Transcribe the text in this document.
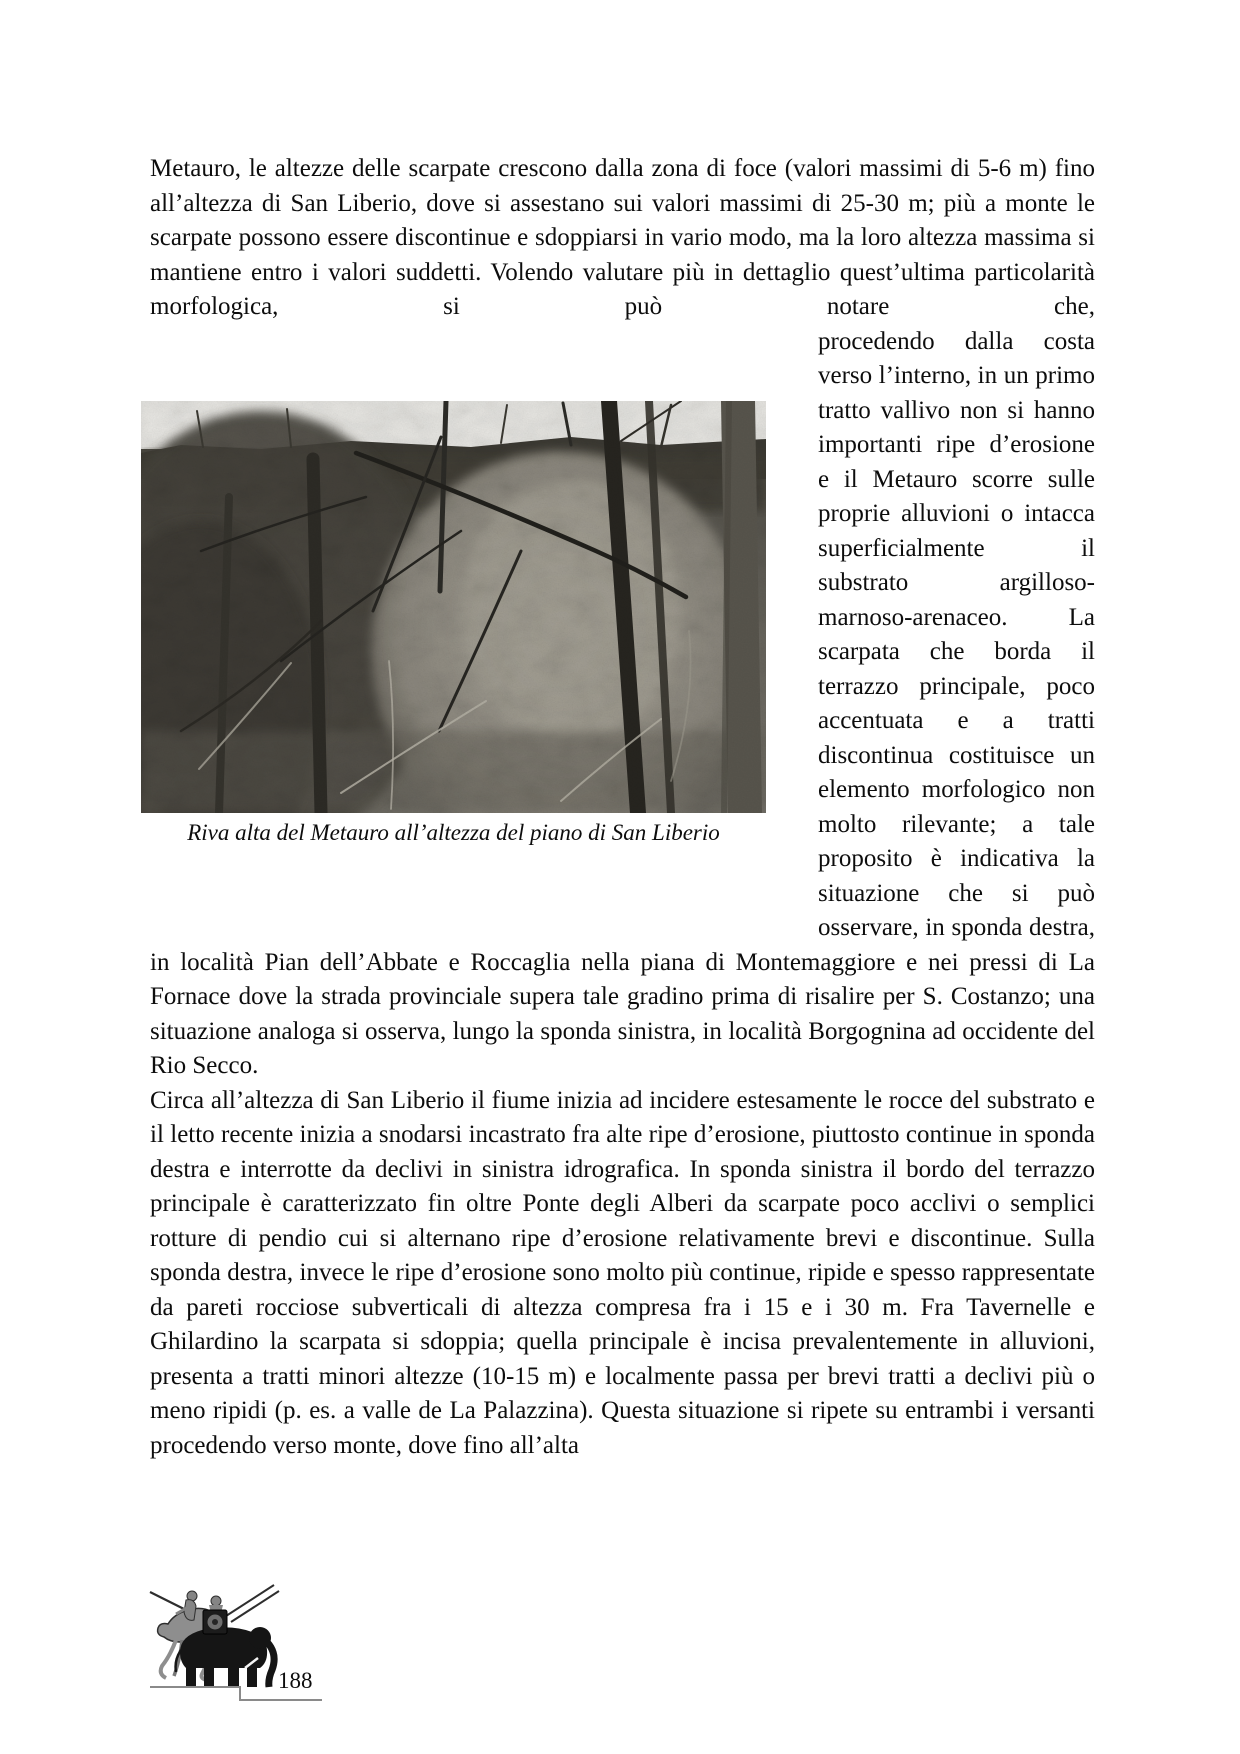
Metauro, le altezze delle scarpate crescono dalla zona di foce (valori massimi di 5-6 m) fino all’altezza di San Liberio, dove si assestano sui valori massimi di 25-30 m; più a monte le scarpate possono essere discontinue e sdoppiarsi in vario modo, ma la loro altezza massima si mantiene entro i valori suddetti. Volendo valutare più in dettaglio quest’ultima particolarità morfologica, si può notare che,

Riva alta del Metauro all’altezza del piano di San Liberio

procedendo dalla costa verso l’interno, in un primo tratto vallivo non si hanno importanti ripe d’erosione e il Metauro scorre sulle proprie alluvioni o intacca superficialmente il substrato argilloso-marnoso-arenaceo. La scarpata che borda il terrazzo principale, poco accentuata e a tratti discontinua costituisce un elemento morfologico non molto rilevante; a tale proposito è indicativa la situazione che si può osservare, in sponda destra, in località Pian dell’Abbate e Roccaglia nella piana di Montemaggiore e nei pressi di La Fornace dove la strada provinciale supera tale gradino prima di risalire per S. Costanzo; una situazione analoga si osserva, lungo la sponda sinistra, in località Borgognina ad occidente del Rio Secco.

Circa all’altezza di San Liberio il fiume inizia ad incidere estesamente le rocce del substrato e il letto recente inizia a snodarsi incastrato fra alte ripe d’erosione, piuttosto continue in sponda destra e interrotte da declivi in sinistra idrografica. In sponda sinistra il bordo del terrazzo principale è caratterizzato fin oltre Ponte degli Alberi da scarpate poco acclivi o semplici rotture di pendio cui si alternano ripe d’erosione relativamente brevi e discontinue. Sulla sponda destra, invece le ripe d’erosione sono molto più continue, ripide e spesso rappresentate da pareti rocciose subverticali di altezza compresa fra i 15 e i 30 m. Fra Tavernelle e Ghilardino la scarpata si sdoppia; quella principale è incisa prevalentemente in alluvioni, presenta a tratti minori altezze (10-15 m) e localmente passa per brevi tratti a declivi più o meno ripidi (p. es. a valle de La Palazzina). Questa situazione si ripete su entrambi i versanti procedendo verso monte, dove fino all’alta

188
